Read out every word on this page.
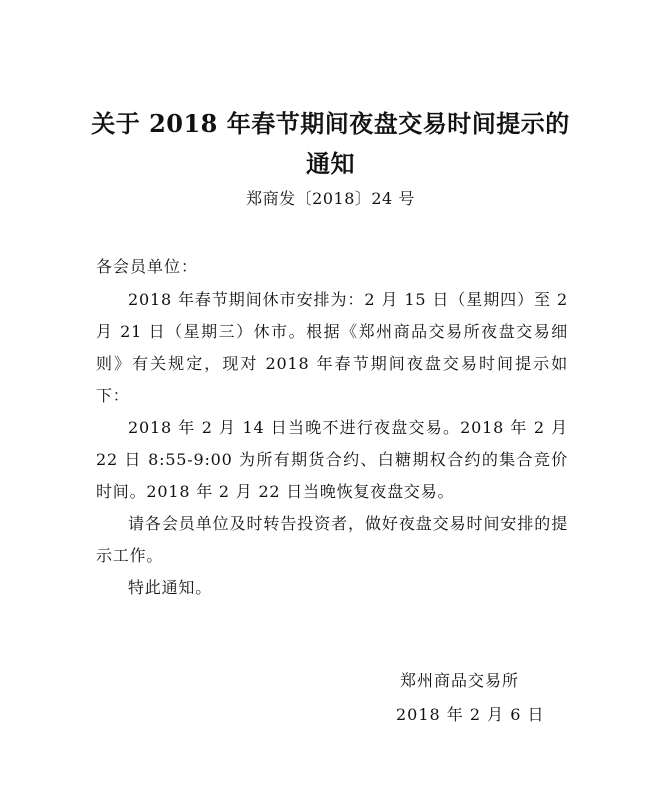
关于 2018 年春节期间夜盘交易时间提示的
通知
郑商发〔2018〕24 号
各会员单位：
2018 年春节期间休市安排为：2 月 15 日（星期四）至 2 月 21 日（星期三）休市。根据《郑州商品交易所夜盘交易细则》有关规定，现对 2018 年春节期间夜盘交易时间提示如下：
2018 年 2 月 14 日当晚不进行夜盘交易。2018 年 2 月 22 日 8:55-9:00 为所有期货合约、白糖期权合约的集合竞价时间。2018 年 2 月 22 日当晚恢复夜盘交易。
请各会员单位及时转告投资者，做好夜盘交易时间安排的提示工作。
特此通知。
郑州商品交易所
2018 年 2 月 6 日
